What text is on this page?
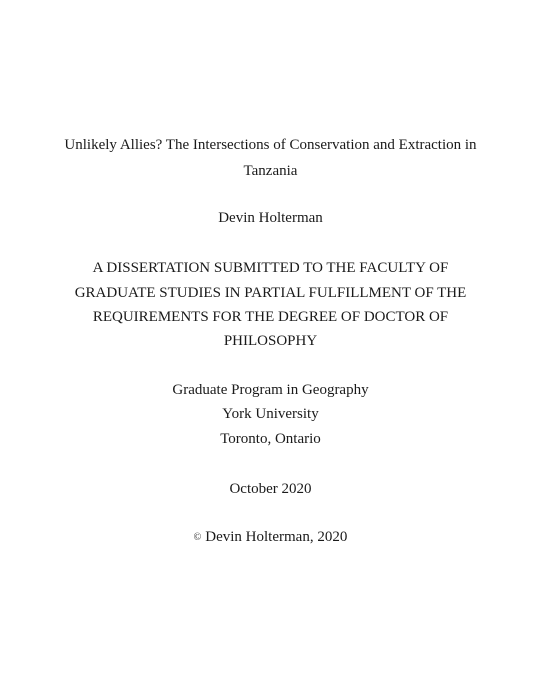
Unlikely Allies? The Intersections of Conservation and Extraction in
Tanzania
Devin Holterman
A DISSERTATION SUBMITTED TO THE FACULTY OF
GRADUATE STUDIES IN PARTIAL FULFILLMENT OF THE
REQUIREMENTS FOR THE DEGREE OF DOCTOR OF
PHILOSOPHY
Graduate Program in Geography
York University
Toronto, Ontario
October 2020
© Devin Holterman, 2020
